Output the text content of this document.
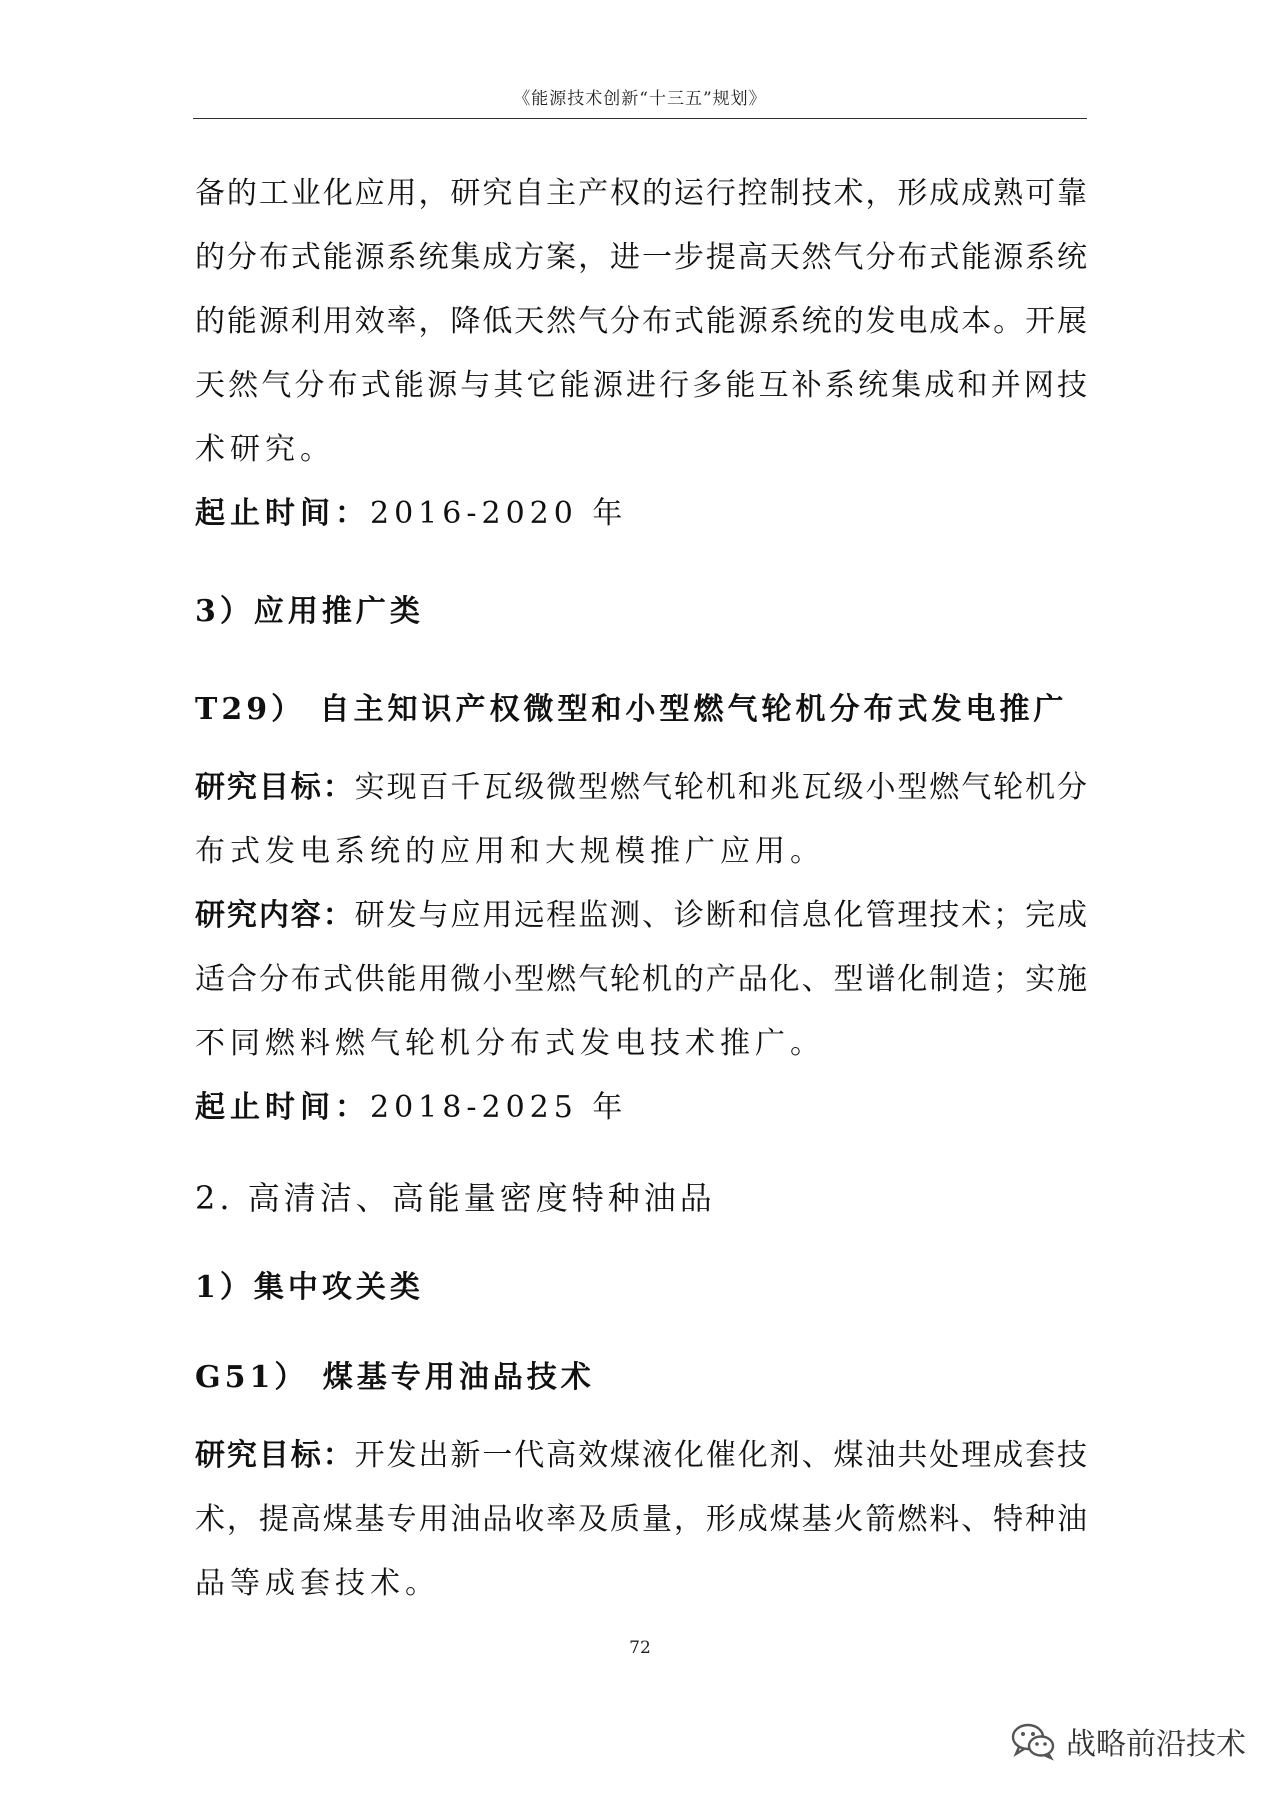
《能源技术创新“十三五”规划》
备的工业化应用，研究自主产权的运行控制技术，形成成熟可靠
的分布式能源系统集成方案，进一步提高天然气分布式能源系统
的能源利用效率，降低天然气分布式能源系统的发电成本。开展
天然气分布式能源与其它能源进行多能互补系统集成和并网技
术研究。
起止时间：2016-2020 年
3）应用推广类
T29） 自主知识产权微型和小型燃气轮机分布式发电推广
研究目标：实现百千瓦级微型燃气轮机和兆瓦级小型燃气轮机分
布式发电系统的应用和大规模推广应用。
研究内容：研发与应用远程监测、诊断和信息化管理技术；完成
适合分布式供能用微小型燃气轮机的产品化、型谱化制造；实施
不同燃料燃气轮机分布式发电技术推广。
起止时间：2018-2025 年
2. 高清洁、高能量密度特种油品
1）集中攻关类
G51） 煤基专用油品技术
研究目标：开发出新一代高效煤液化催化剂、煤油共处理成套技
术，提高煤基专用油品收率及质量，形成煤基火箭燃料、特种油
品等成套技术。
72
战略前沿技术
